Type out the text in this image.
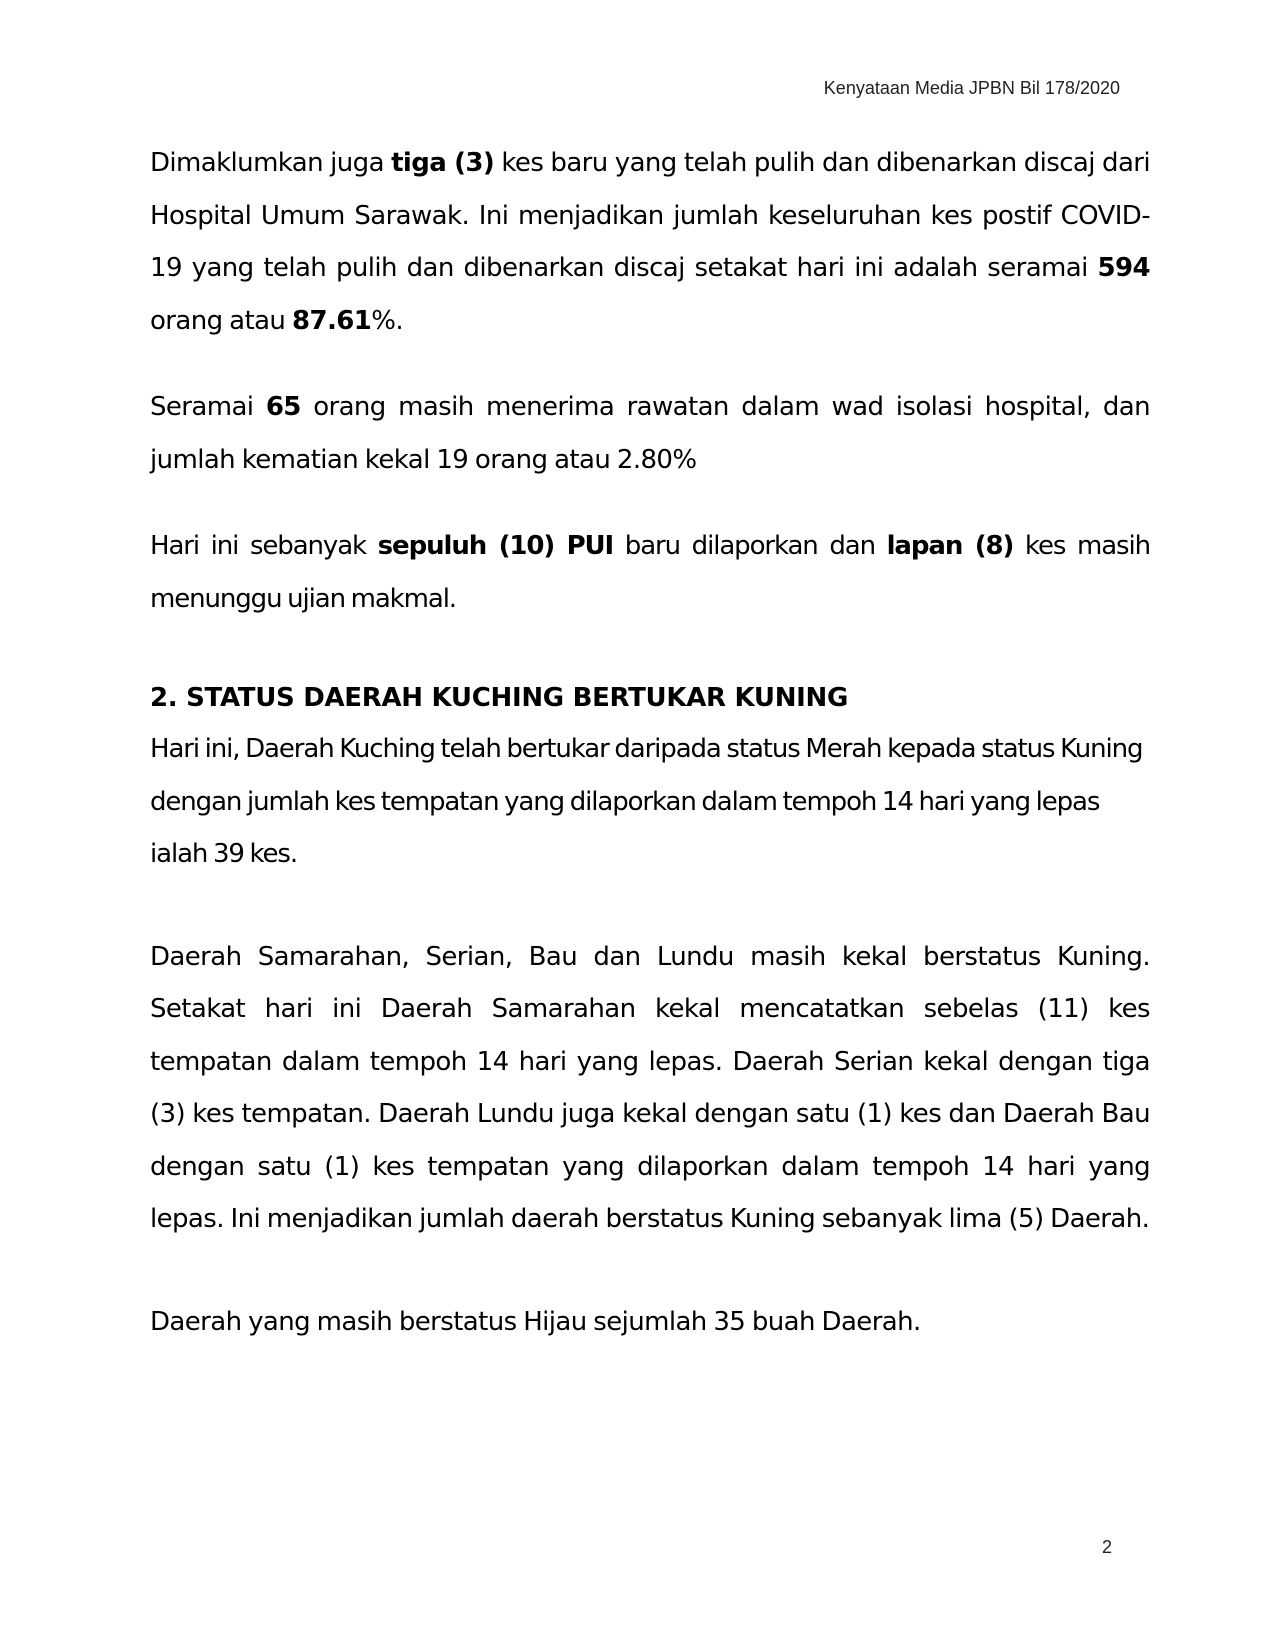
Kenyataan Media JPBN Bil 178/2020

Dimaklumkan juga tiga (3) kes baru yang telah pulih dan dibenarkan discaj dari Hospital Umum Sarawak. Ini menjadikan jumlah keseluruhan kes postif COVID-19 yang telah pulih dan dibenarkan discaj setakat hari ini adalah seramai 594 orang atau 87.61%.

Seramai 65 orang masih menerima rawatan dalam wad isolasi hospital, dan jumlah kematian kekal 19 orang atau 2.80%

Hari ini sebanyak sepuluh (10) PUI baru dilaporkan dan lapan (8) kes masih menunggu ujian makmal.

2. STATUS DAERAH KUCHING BERTUKAR KUNING

Hari ini, Daerah Kuching telah bertukar daripada status Merah kepada status Kuning dengan jumlah kes tempatan yang dilaporkan dalam tempoh 14 hari yang lepas ialah 39 kes.

Daerah Samarahan, Serian, Bau dan Lundu masih kekal berstatus Kuning. Setakat hari ini Daerah Samarahan kekal mencatatkan sebelas (11) kes tempatan dalam tempoh 14 hari yang lepas. Daerah Serian kekal dengan tiga (3) kes tempatan. Daerah Lundu juga kekal dengan satu (1) kes dan Daerah Bau dengan satu (1) kes tempatan yang dilaporkan dalam tempoh 14 hari yang lepas. Ini menjadikan jumlah daerah berstatus Kuning sebanyak lima (5) Daerah.

Daerah yang masih berstatus Hijau sejumlah 35 buah Daerah.

2
